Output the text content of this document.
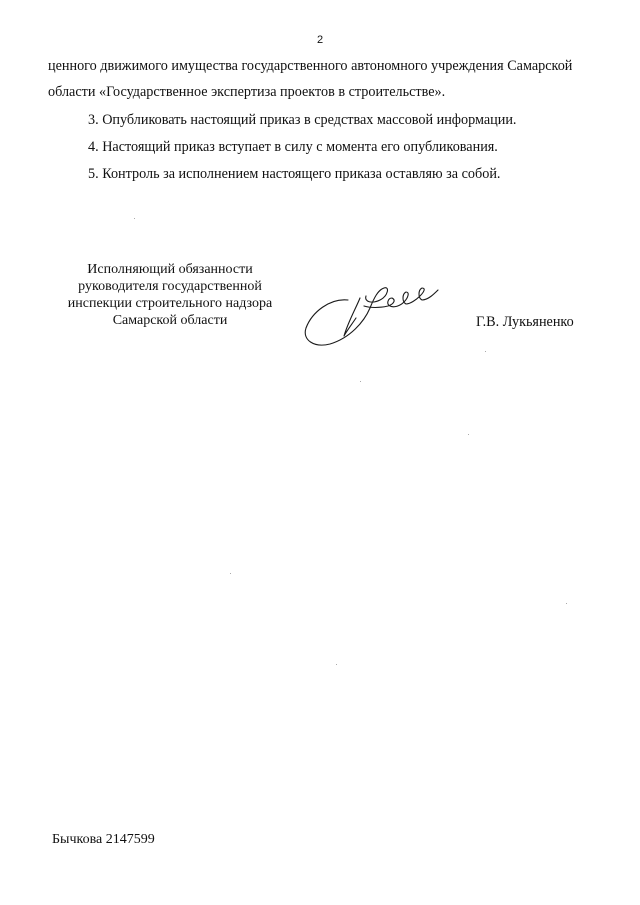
2
ценного движимого имущества государственного автономного учреждения Самарской
области «Государственное экспертиза проектов в строительстве».
3. Опубликовать настоящий приказ в средствах массовой информации.
4. Настоящий приказ вступает в силу с момента его опубликования.
5. Контроль за исполнением настоящего приказа оставляю за собой.
Исполняющий обязанности
руководителя государственной
инспекции строительного надзора
Самарской области	Г.В. Лукьяненко
Бычкова 2147599
